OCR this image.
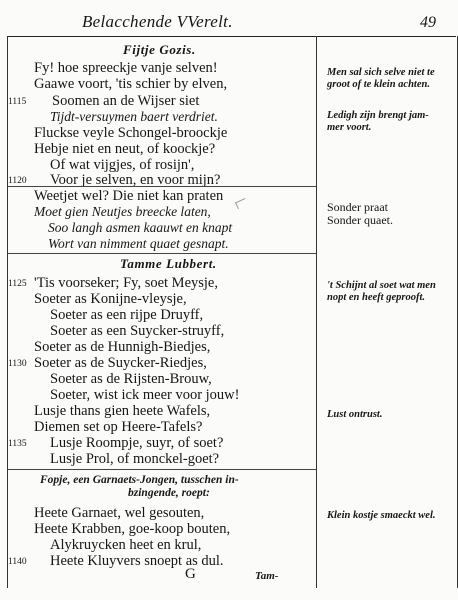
Belacchende VVerelt.	49
Fijtje Gozis.
Fy! hoe spreeckje vanje selven!
Gaawe voort, 'tis schier by elven,
Soomen an de Wijser siet
1115
Tijdt-versuymen baert verdriet.
Fluckse veyle Schongel-broockje
Hebje niet en neut, of koockje?
Of wat vijgjes, of rosijn',
Voor je selven, en voor mijn?
1120
Weetjet wel? Die niet kan praten
Moet gien Neutjes breecke laten,
Soo langh asmen kaauwt en knapt
Wort van nimment quaet gesnapt.
Tamme Lubbert.
'Tis voorseker; Fy, soet Meysje,
1125
Soeter as Konijne-vleysje,
Soeter as een rijpe Druyff,
Soeter as een Suycker-struyff,
Soeter as de Hunnigh-Biedjes,
Soeter as de Suycker-Riedjes,
1130
Soeter as de Rijsten-Brouw,
Soeter, wist ick meer voor jouw!
Lusje thans gien heete Wafels,
Diemen set op Heere-Tafels?
Lusje Roompje, suyr, of soet?
1135
Lusje Prol, of monckel-goet?
Fopje, een Garnaets-Jongen, tusschen in-
bzingende, roept:
Heete Garnaet, wel gesouten,
Heete Krabben, goe-koop bouten,
Alykruycken heet en krul,
Heete Kluyvers snoept as dul.
1140
Men sal sich selve niet te
groot of te klein achten.
Ledigh zijn brengt jam-
mer voort.
Sonder praat
Sonder quaet.
't Schijnt al soet wat men
nopt en heeft geprooft.
Lust ontrust.
Klein kostje smaeckt wel.
G	Tam-
